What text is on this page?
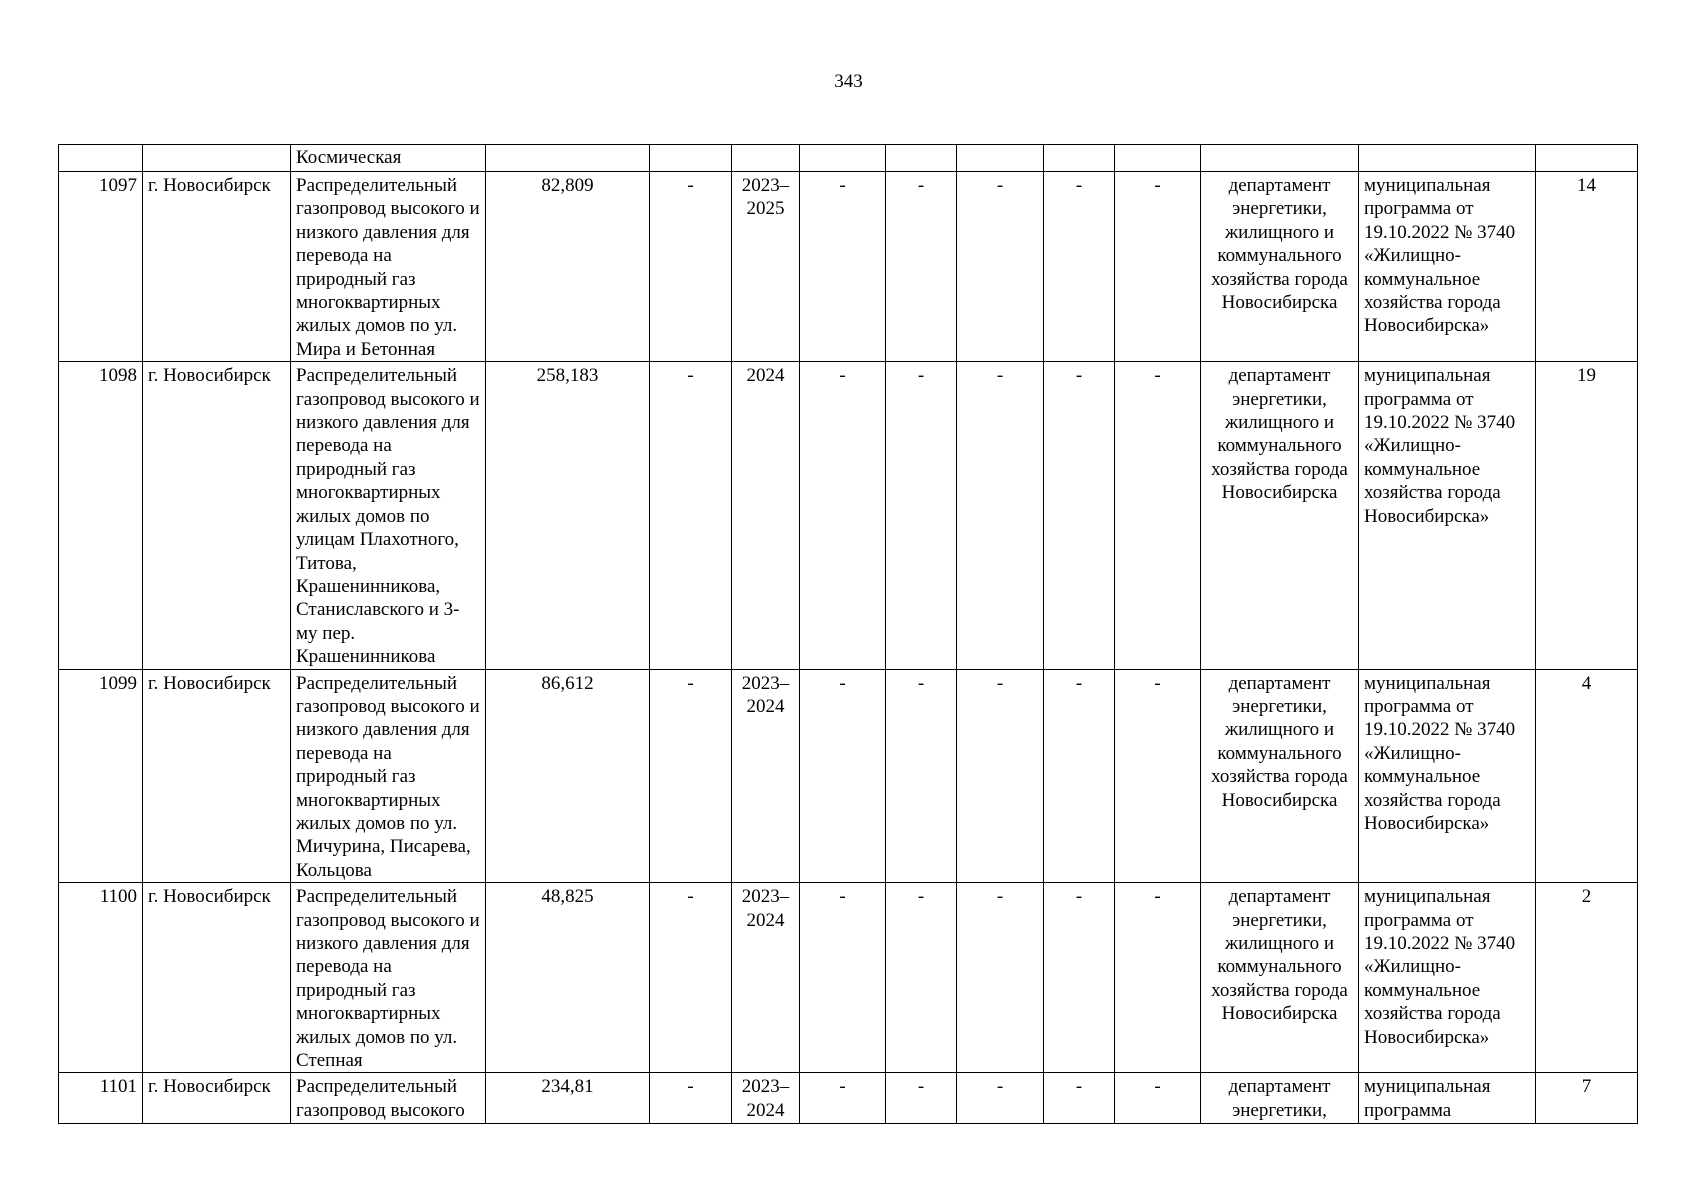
343
		Космическая											
1097	г. Новосибирск	Распределительный газопровод высокого и низкого давления для перевода на природный газ многоквартирных жилых домов по ул. Мира и Бетонная	82,809	-	2023–2025	-	-	-	-	-	департамент энергетики, жилищного и коммунального хозяйства города Новосибирска	муниципальная программа от 19.10.2022 № 3740 «Жилищно-коммунальное хозяйства города Новосибирска»	14
1098	г. Новосибирск	Распределительный газопровод высокого и низкого давления для перевода на природный газ многоквартирных жилых домов по улицам Плахотного, Титова, Крашенинникова, Станиславского и 3-му пер. Крашенинникова	258,183	-	2024	-	-	-	-	-	департамент энергетики, жилищного и коммунального хозяйства города Новосибирска	муниципальная программа от 19.10.2022 № 3740 «Жилищно-коммунальное хозяйства города Новосибирска»	19
1099	г. Новосибирск	Распределительный газопровод высокого и низкого давления для перевода на природный газ многоквартирных жилых домов по ул. Мичурина, Писарева, Кольцова	86,612	-	2023–2024	-	-	-	-	-	департамент энергетики, жилищного и коммунального хозяйства города Новосибирска	муниципальная программа от 19.10.2022 № 3740 «Жилищно-коммунальное хозяйства города Новосибирска»	4
1100	г. Новосибирск	Распределительный газопровод высокого и низкого давления для перевода на природный газ многоквартирных жилых домов по ул. Степная	48,825	-	2023–2024	-	-	-	-	-	департамент энергетики, жилищного и коммунального хозяйства города Новосибирска	муниципальная программа от 19.10.2022 № 3740 «Жилищно-коммунальное хозяйства города Новосибирска»	2
1101	г. Новосибирск	Распределительный газопровод высокого	234,81	-	2023–2024	-	-	-	-	-	департамент энергетики,	муниципальная программа	7
